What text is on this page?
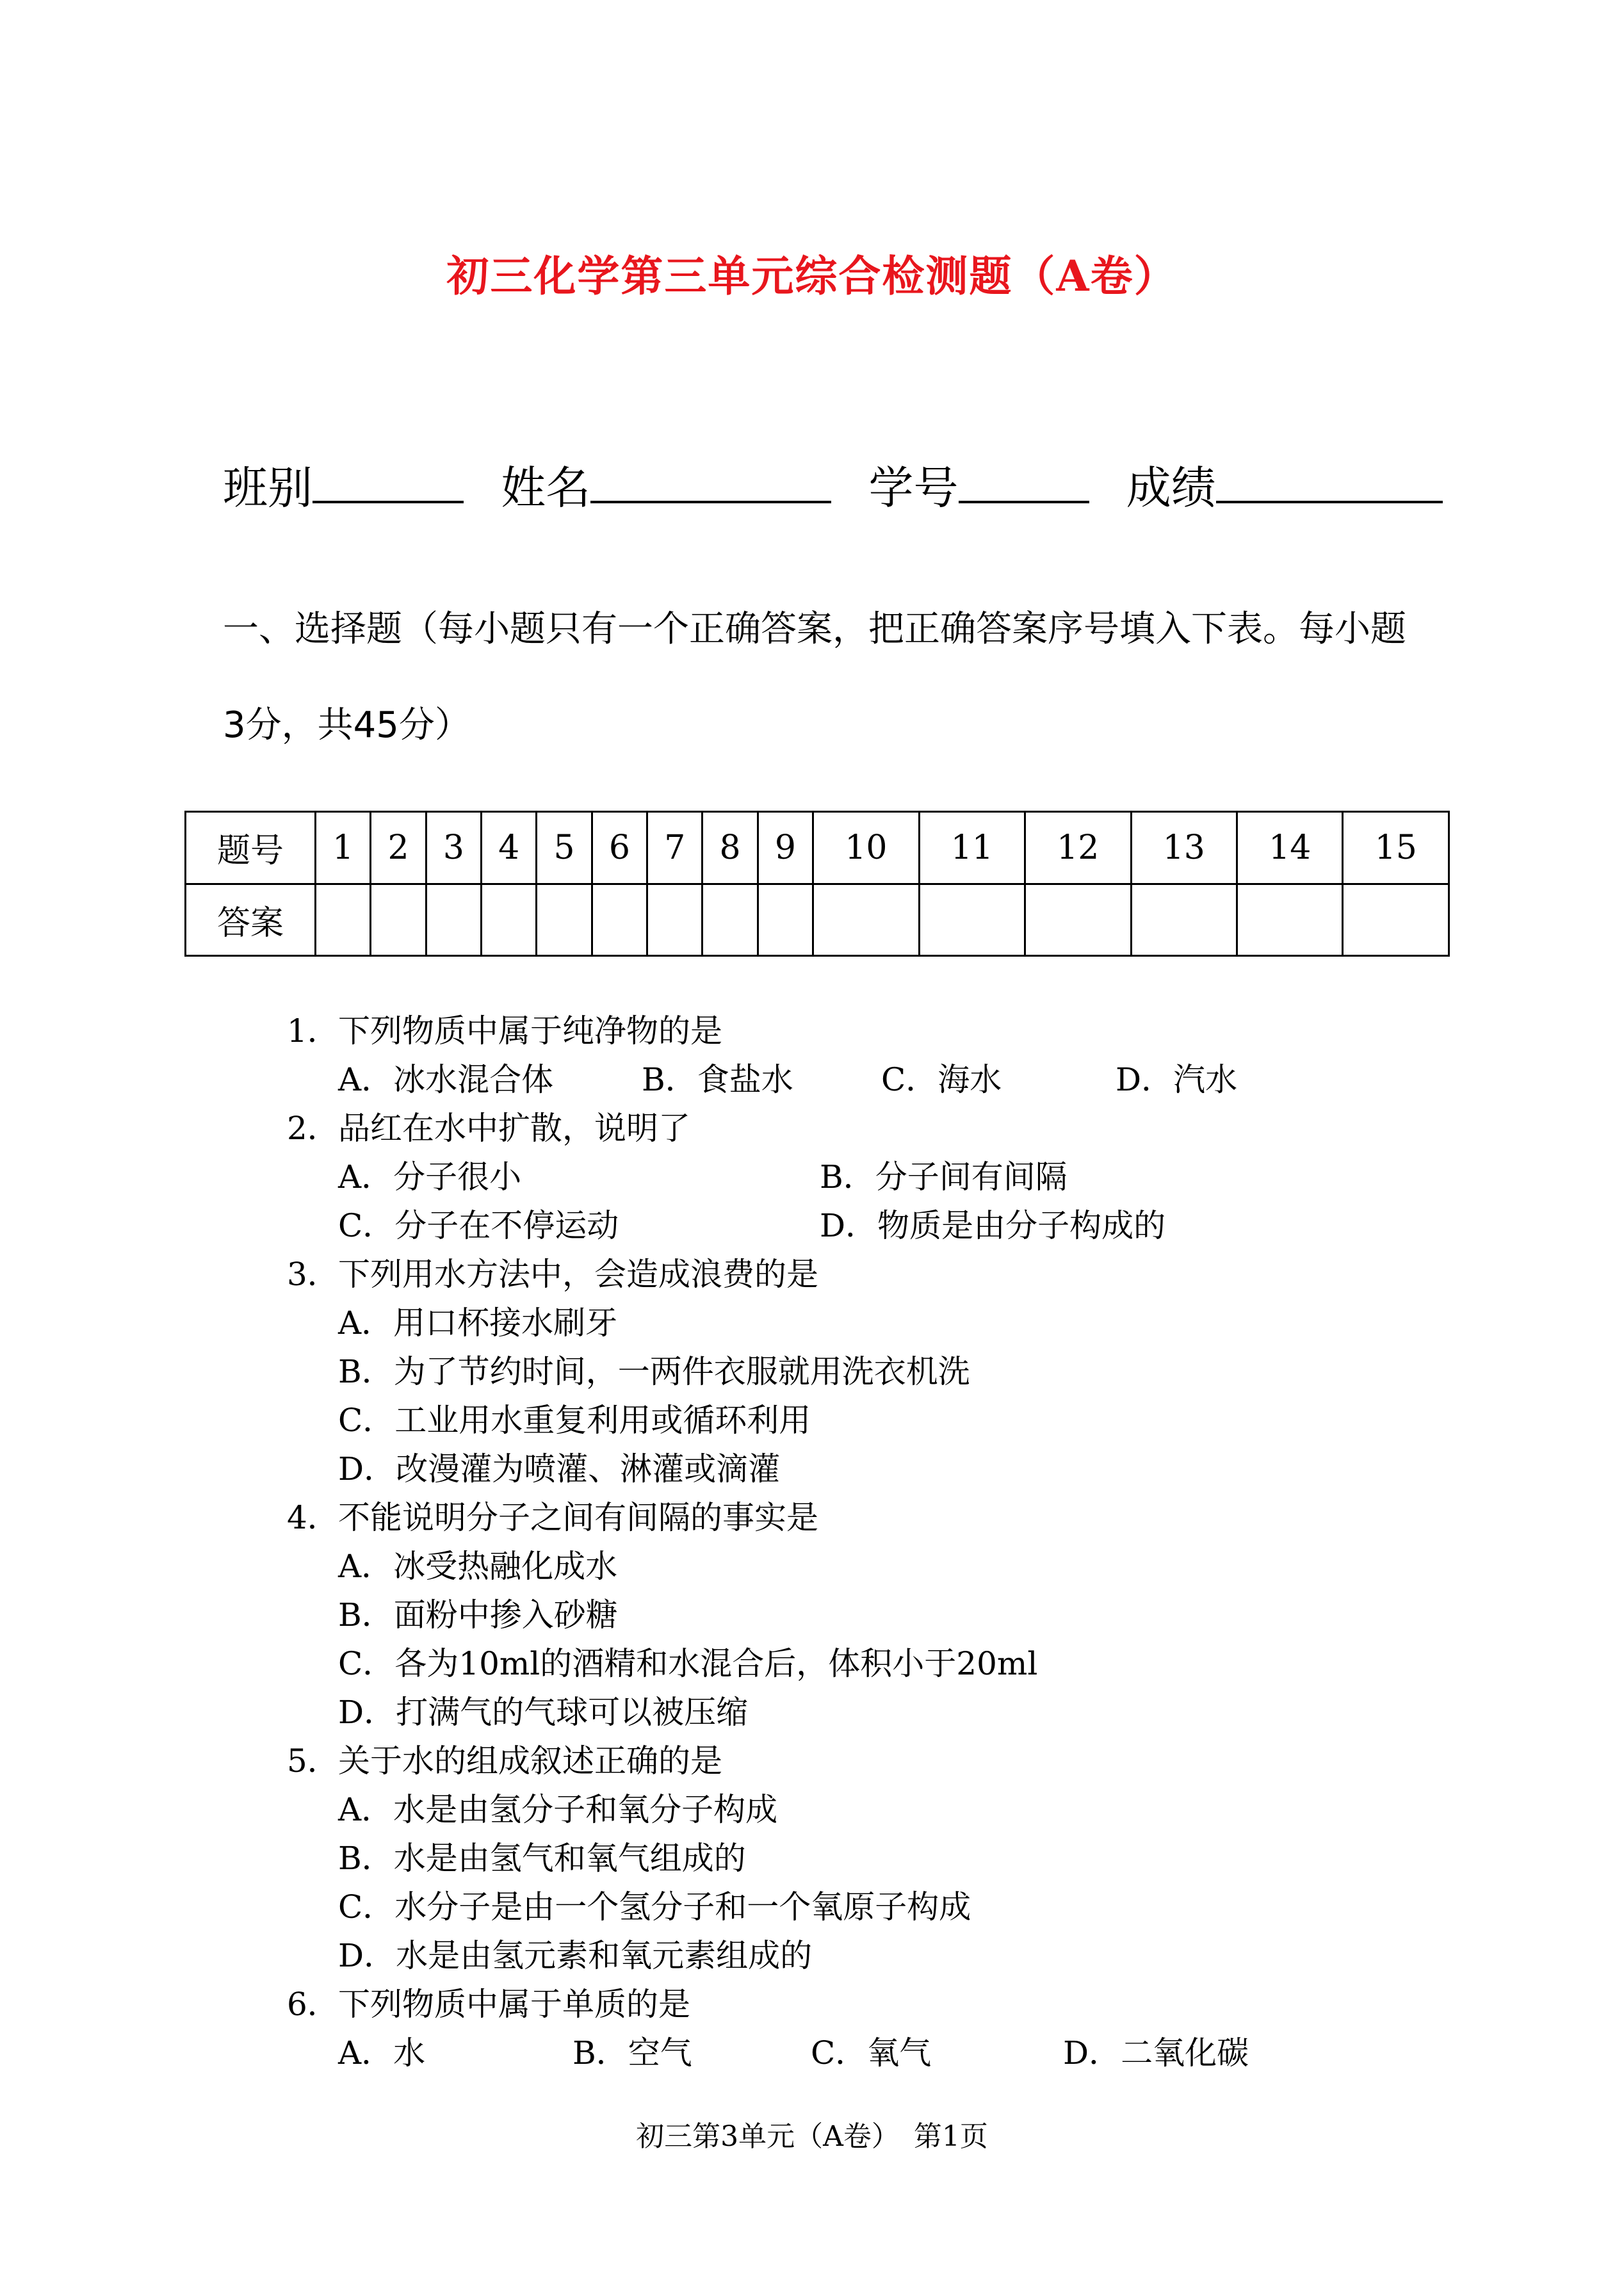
初三化学第三单元综合检测题（A卷）
班别	姓名	学号	成绩
一、选择题（每小题只有一个正确答案，把正确答案序号填入下表。每小题3分，共45分）
题号	1	2	3	4	5	6	7	8	9	10	11	12	13	14	15
答案															
1．下列物质中属于纯净物的是
A．冰水混合体	B．食盐水	C．海水	D．汽水
2．品红在水中扩散，说明了
A．分子很小	B．分子间有间隔
C．分子在不停运动	D．物质是由分子构成的
3．下列用水方法中，会造成浪费的是
A．用口杯接水刷牙
B．为了节约时间，一两件衣服就用洗衣机洗
C．工业用水重复利用或循环利用
D．改漫灌为喷灌、淋灌或滴灌
4．不能说明分子之间有间隔的事实是
A．冰受热融化成水
B．面粉中掺入砂糖
C．各为10ml的酒精和水混合后，体积小于20ml
D．打满气的气球可以被压缩
5．关于水的组成叙述正确的是
A．水是由氢分子和氧分子构成
B．水是由氢气和氧气组成的
C．水分子是由一个氢分子和一个氧原子构成
D．水是由氢元素和氧元素组成的
6．下列物质中属于单质的是
A．水	B．空气	C．氧气	D．二氧化碳
初三第3单元（A卷）　第1页
